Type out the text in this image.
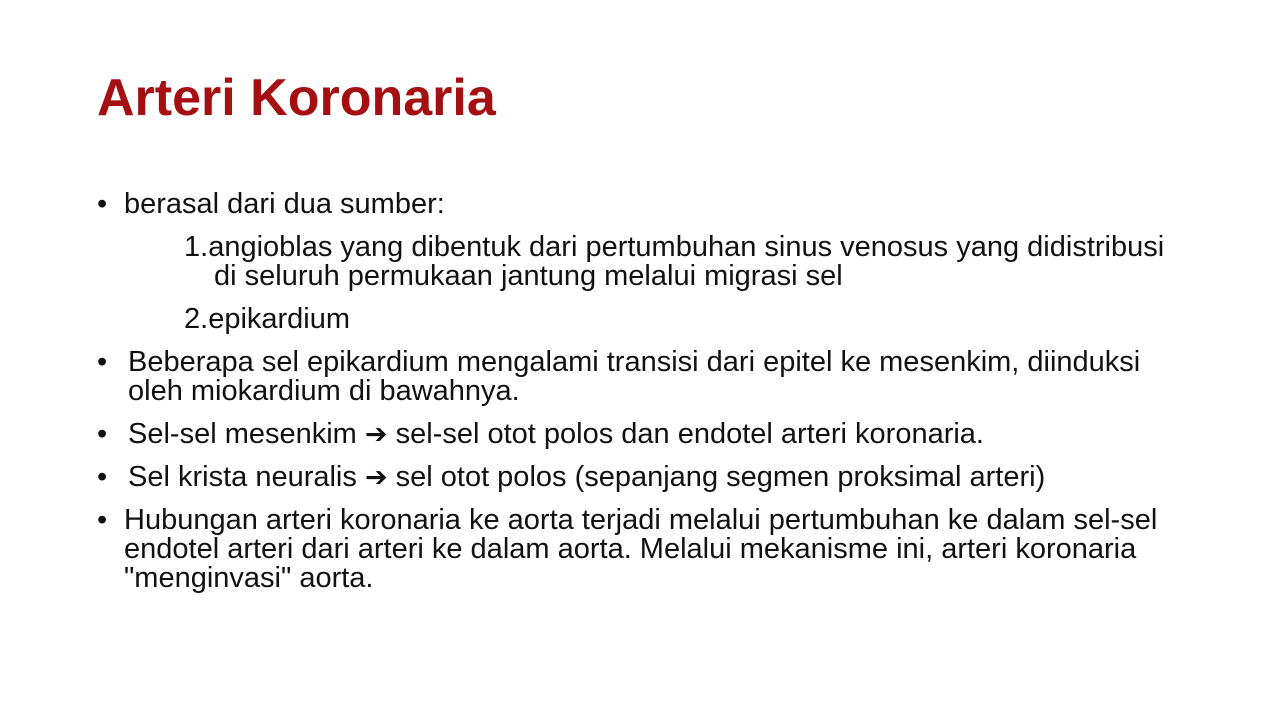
Arteri Koronaria
• berasal dari dua sumber:
1.angioblas yang dibentuk dari pertumbuhan sinus venosus yang didistribusi di seluruh permukaan jantung melalui migrasi sel
2.epikardium
• Beberapa sel epikardium mengalami transisi dari epitel ke mesenkim, diinduksi oleh miokardium di bawahnya.
• Sel-sel mesenkim ➔ sel-sel otot polos dan endotel arteri koronaria.
• Sel krista neuralis ➔ sel otot polos (sepanjang segmen proksimal arteri)
• Hubungan arteri koronaria ke aorta terjadi melalui pertumbuhan ke dalam sel-sel endotel arteri dari arteri ke dalam aorta. Melalui mekanisme ini, arteri koronaria "menginvasi" aorta.
